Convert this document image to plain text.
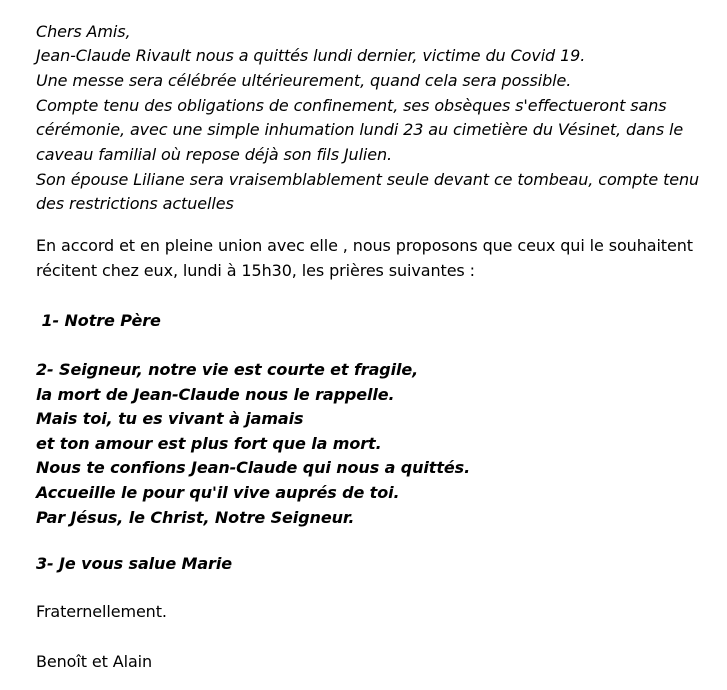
Chers Amis,
Jean-Claude Rivault nous a quittés lundi dernier, victime du Covid 19.
Une messe sera célébrée ultérieurement, quand cela sera possible.
Compte tenu des obligations de confinement, ses obsèques s'effectueront sans
cérémonie, avec une simple inhumation lundi 23 au cimetière du Vésinet, dans le
caveau familial où repose déjà son fils Julien.
Son épouse Liliane sera vraisemblablement seule devant ce tombeau, compte tenu
des restrictions actuelles
En accord et en pleine union avec elle , nous proposons que ceux qui le souhaitent
récitent chez eux, lundi à 15h30, les prières suivantes :
1- Notre Père
2- Seigneur, notre vie est courte et fragile,
la mort de Jean-Claude nous le rappelle.
Mais toi, tu es vivant à jamais
et ton amour est plus fort que la mort.
Nous te confions Jean-Claude qui nous a quittés.
Accueille le pour qu'il vive auprés de toi.
Par Jésus, le Christ, Notre Seigneur.
3- Je vous salue Marie
Fraternellement.
Benoît et Alain
